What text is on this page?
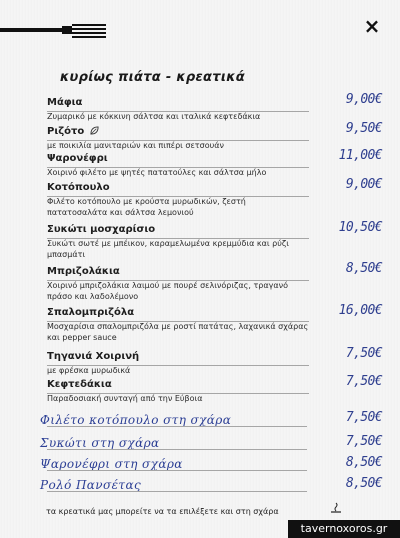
×
κυρίως πιάτα - κρεατικά
Μάφια
Ζυμαρικό με κόκκινη σάλτσα και ιταλικά κεφτεδάκια
9,00€
Ριζότο
με ποικιλία μανιταριών και πιπέρι σετσουάν
9,50€
Ψαρονέφρι
Χοιρινό φιλέτο με ψητές πατατούλες και σάλτσα μήλο
11,00€
Κοτόπουλο
Φιλέτο κοτόπουλο με κρούστα μυρωδικών, ζεστή πατατοσαλάτα και σάλτσα λεμονιού
9,00€
Συκώτι μοσχαρίσιο
Συκώτι σωτέ με μπέικον, καραμελωμένα κρεμμύδια και ρύζι μπασμάτι
10,50€
Μπριζολάκια
Χοιρινό μπριζολάκια λαιμού με πουρέ σελινόριζας, τραγανό πράσο και λαδολέμονο
8,50€
Σπαλομπριζόλα
Μοσχαρίσια σπαλομπριζόλα με ροστί πατάτας, λαχανικά σχάρας και pepper sauce
16,00€
Τηγανιά Χοιρινή
με φρέσκα μυρωδικά
7,50€
Κεφτεδάκια
Παραδοσιακή συνταγή από την Εύβοια
7,50€
Φιλέτο κοτόπουλο στη σχάρα	7,50€
Συκώτι στη σχάρα	7,50€
Ψαρονέφρι στη σχάρα	8,50€
Ρολό Πανσέτας	8,50€
τα κρεατικά μας μπορείτε να τα επιλέξετε και στη σχάρα
tavernoxoros.gr
